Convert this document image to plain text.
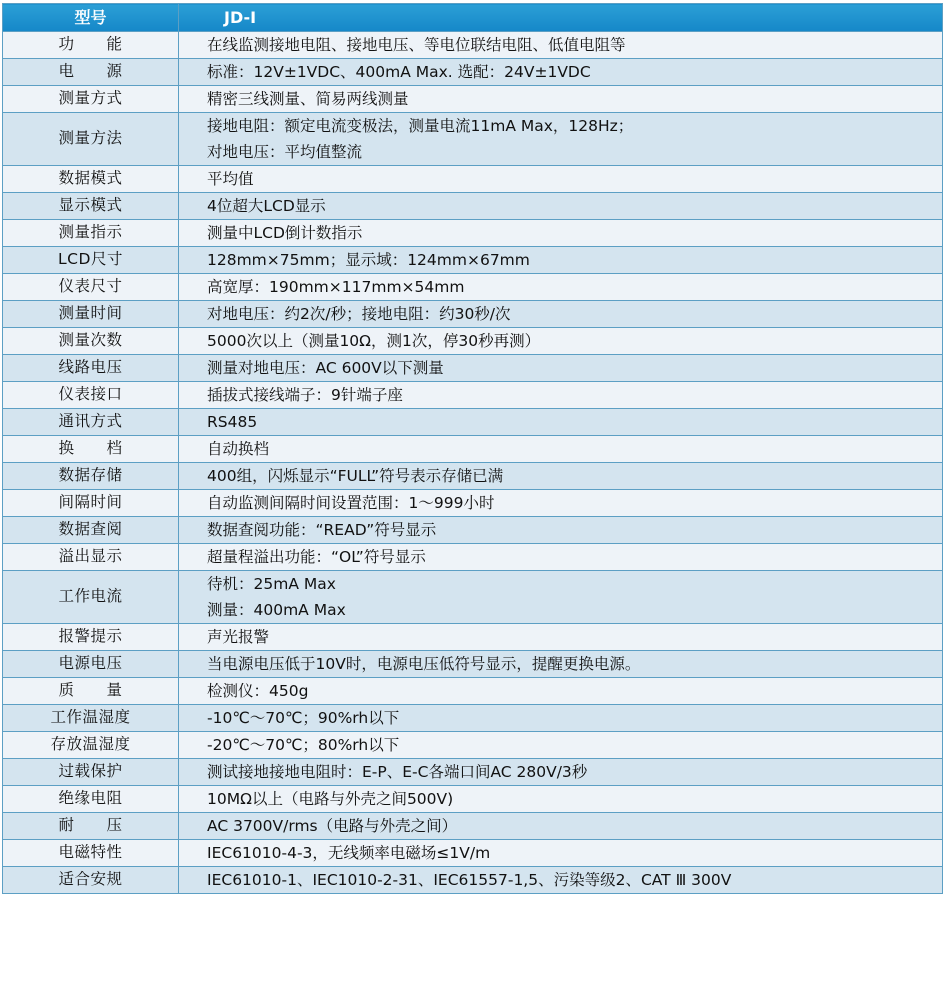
型号	JD-I
功　　能	在线监测接地电阻、接地电压、等电位联结电阻、低值电阻等

电　　源	标准：12V±1VDC、400mA Max. 选配：24V±1VDC

测量方式	精密三线测量、简易两线测量

测量方法	接地电阻：额定电流变极法，测量电流11mA Max，128Hz；
对地电压：平均值整流

数据模式	平均值

显示模式	4位超大LCD显示

测量指示	测量中LCD倒计数指示

LCD尺寸	128mm×75mm；显示域：124mm×67mm

仪表尺寸	高宽厚：190mm×117mm×54mm

测量时间	对地电压：约2次/秒；接地电阻：约30秒/次

测量次数	5000次以上（测量10Ω，测1次，停30秒再测）

线路电压	测量对地电压：AC 600V以下测量

仪表接口	插拔式接线端子：9针端子座

通讯方式	RS485

换　　档	自动换档

数据存储	400组，闪烁显示“FULL”符号表示存储已满

间隔时间	自动监测间隔时间设置范围：1～999小时

数据查阅	数据查阅功能：“READ”符号显示

溢出显示	超量程溢出功能：“OL”符号显示

工作电流	待机：25mA Max
测量：400mA Max

报警提示	声光报警

电源电压	当电源电压低于10V时，电源电压低符号显示，提醒更换电源。

质　　量	检测仪：450g

工作温湿度	-10℃～70℃；90%rh以下

存放温湿度	-20℃～70℃；80%rh以下

过载保护	测试接地接地电阻时：E-P、E-C各端口间AC 280V/3秒

绝缘电阻	10MΩ以上（电路与外壳之间500V)

耐　　压	AC 3700V/rms（电路与外壳之间）

电磁特性	IEC61010-4-3，无线频率电磁场≤1V/m

适合安规	IEC61010-1、IEC1010-2-31、IEC61557-1,5、污染等级2、CAT Ⅲ 300V
